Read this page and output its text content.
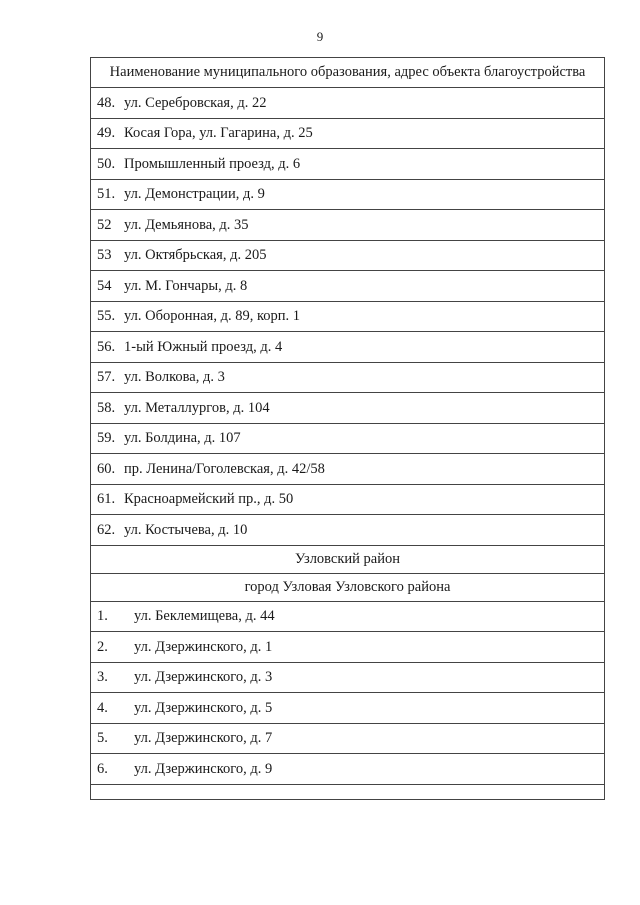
9
Наименование муниципального образования, адрес объекта благоустройства
48. ул. Серебровская, д. 22
49. Косая Гора, ул. Гагарина, д. 25
50. Промышленный проезд, д. 6
51. ул. Демонстрации, д. 9
52 ул. Демьянова, д. 35
53 ул. Октябрьская, д. 205
54 ул. М. Гончары, д. 8
55. ул. Оборонная, д. 89, корп. 1
56. 1-ый Южный проезд, д. 4
57. ул. Волкова, д. 3
58. ул. Металлургов, д. 104
59. ул. Болдина, д. 107
60. пр. Ленина/Гоголевская, д. 42/58
61. Красноармейский пр., д. 50
62. ул. Костычева, д. 10
Узловский район
город Узловая Узловского района
1. ул. Беклемищева, д. 44
2. ул. Дзержинского, д. 1
3. ул. Дзержинского, д. 3
4. ул. Дзержинского, д. 5
5. ул. Дзержинского, д. 7
6. ул. Дзержинского, д. 9
